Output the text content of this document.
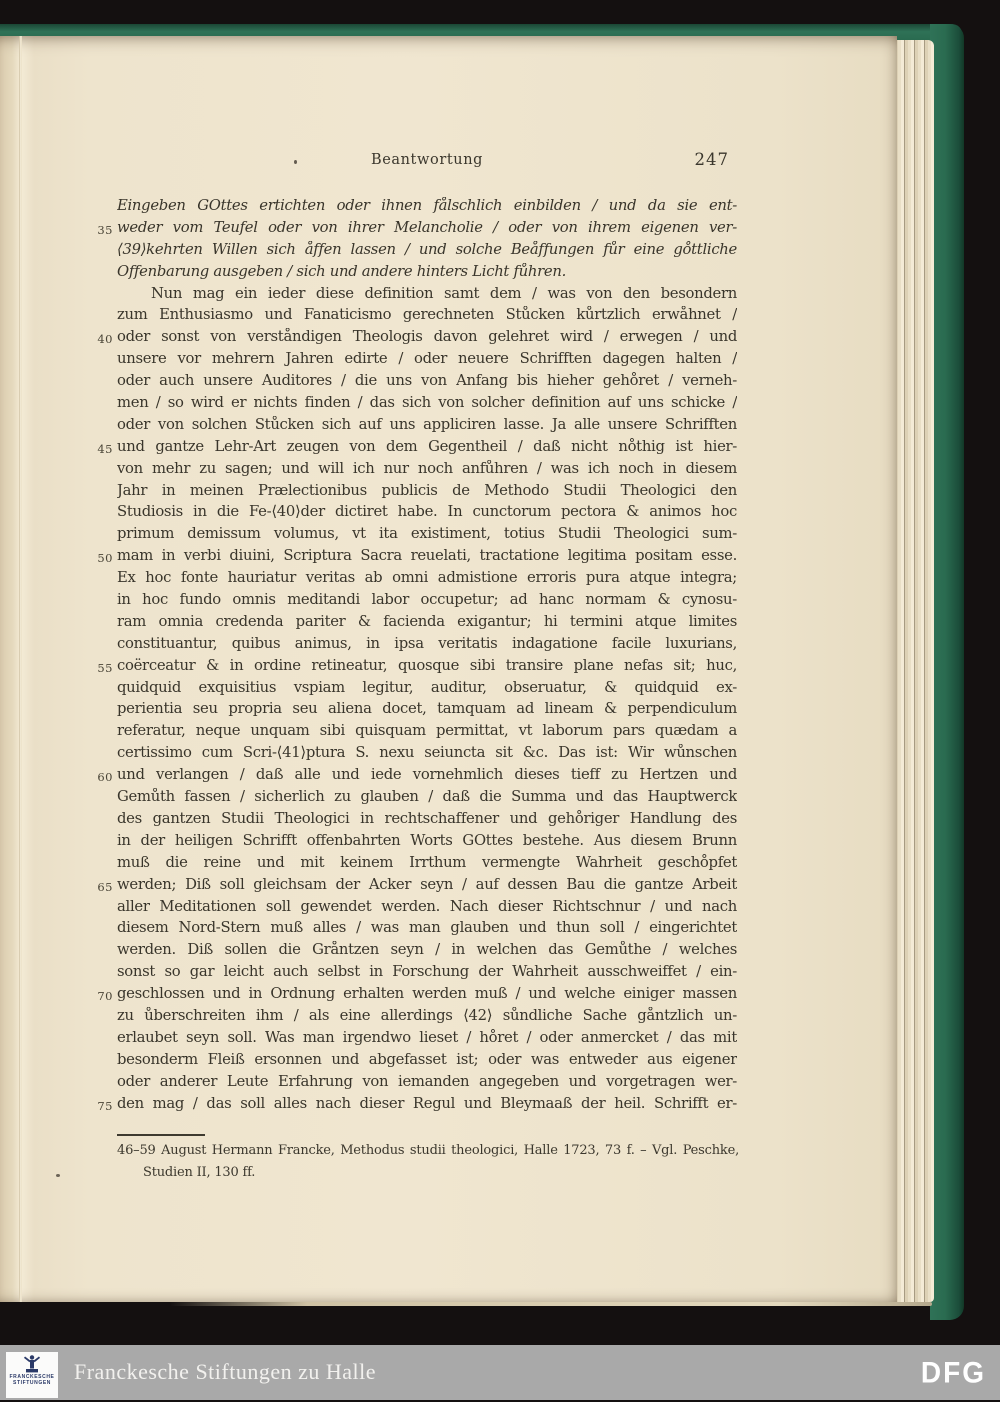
Beantwortung	247
Eingeben GOttes ertichten oder ihnen fålschlich einbilden / und da sie ent-
35 weder vom Teufel oder von ihrer Melancholie / oder von ihrem eigenen ver-
⟨39⟩kehrten Willen sich åffen lassen / und solche Beåffungen fůr eine go̊ttliche
Offenbarung ausgeben / sich und andere hinters Licht fůhren.
Nun mag ein ieder diese definition samt dem / was von den besondern
zum Enthusiasmo und Fanaticismo gerechneten Stůcken kůrtzlich erwåhnet /
40 oder sonst von verståndigen Theologis davon gelehret wird / erwegen / und
unsere vor mehrern Jahren edirte / oder neuere Schrifften dagegen halten /
oder auch unsere Auditores / die uns von Anfang bis hieher geho̊ret / verneh-
men / so wird er nichts finden / das sich von solcher definition auf uns schicke /
oder von solchen Stůcken sich auf uns appliciren lasse. Ja alle unsere Schrifften
45 und gantze Lehr-Art zeugen von dem Gegentheil / daß nicht no̊thig ist hier-
von mehr zu sagen; und will ich nur noch anfůhren / was ich noch in diesem
Jahr in meinen Prælectionibus publicis de Methodo Studii Theologici den
Studiosis in die Fe-⟨40⟩der dictiret habe. In cunctorum pectora & animos hoc
primum demissum volumus, vt ita existiment, totius Studii Theologici sum-
50 mam in verbi diuini, Scriptura Sacra reuelati, tractatione legitima positam esse.
Ex hoc fonte hauriatur veritas ab omni admistione erroris pura atque integra;
in hoc fundo omnis meditandi labor occupetur; ad hanc normam & cynosu-
ram omnia credenda pariter & facienda exigantur; hi termini atque limites
constituantur, quibus animus, in ipsa veritatis indagatione facile luxurians,
55 coërceatur & in ordine retineatur, quosque sibi transire plane nefas sit; huc,
quidquid exquisitius vspiam legitur, auditur, obseruatur, & quidquid ex-
perientia seu propria seu aliena docet, tamquam ad lineam & perpendiculum
referatur, neque unquam sibi quisquam permittat, vt laborum pars quædam a
certissimo cum Scri-⟨41⟩ptura S. nexu seiuncta sit &c. Das ist: Wir wůnschen
60 und verlangen / daß alle und iede vornehmlich dieses tieff zu Hertzen und
Gemůth fassen / sicherlich zu glauben / daß die Summa und das Hauptwerck
des gantzen Studii Theologici in rechtschaffener und geho̊riger Handlung des
in der heiligen Schrifft offenbahrten Worts GOttes bestehe. Aus diesem Brunn
muß die reine und mit keinem Irrthum vermengte Wahrheit gescho̊pfet
65 werden; Diß soll gleichsam der Acker seyn / auf dessen Bau die gantze Arbeit
aller Meditationen soll gewendet werden. Nach dieser Richtschnur / und nach
diesem Nord-Stern muß alles / was man glauben und thun soll / eingerichtet
werden. Diß sollen die Gråntzen seyn / in welchen das Gemůthe / welches
sonst so gar leicht auch selbst in Forschung der Wahrheit ausschweiffet / ein-
70 geschlossen und in Ordnung erhalten werden muß / und welche einiger massen
zu ůberschreiten ihm / als eine allerdings ⟨42⟩ sůndliche Sache gåntzlich un-
erlaubet seyn soll. Was man irgendwo lieset / ho̊ret / oder anmercket / das mit
besonderm Fleiß ersonnen und abgefasset ist; oder was entweder aus eigener
oder anderer Leute Erfahrung von iemanden angegeben und vorgetragen wer-
75 den mag / das soll alles nach dieser Regul und Bleymaaß der heil. Schrifft er-
46–59 August Hermann Francke, Methodus studii theologici, Halle 1723, 73 f. – Vgl. Peschke,
Studien II, 130 ff.
FRANCKESCHE
STIFTUNGEN Franckesche Stiftungen zu Halle	DFG
